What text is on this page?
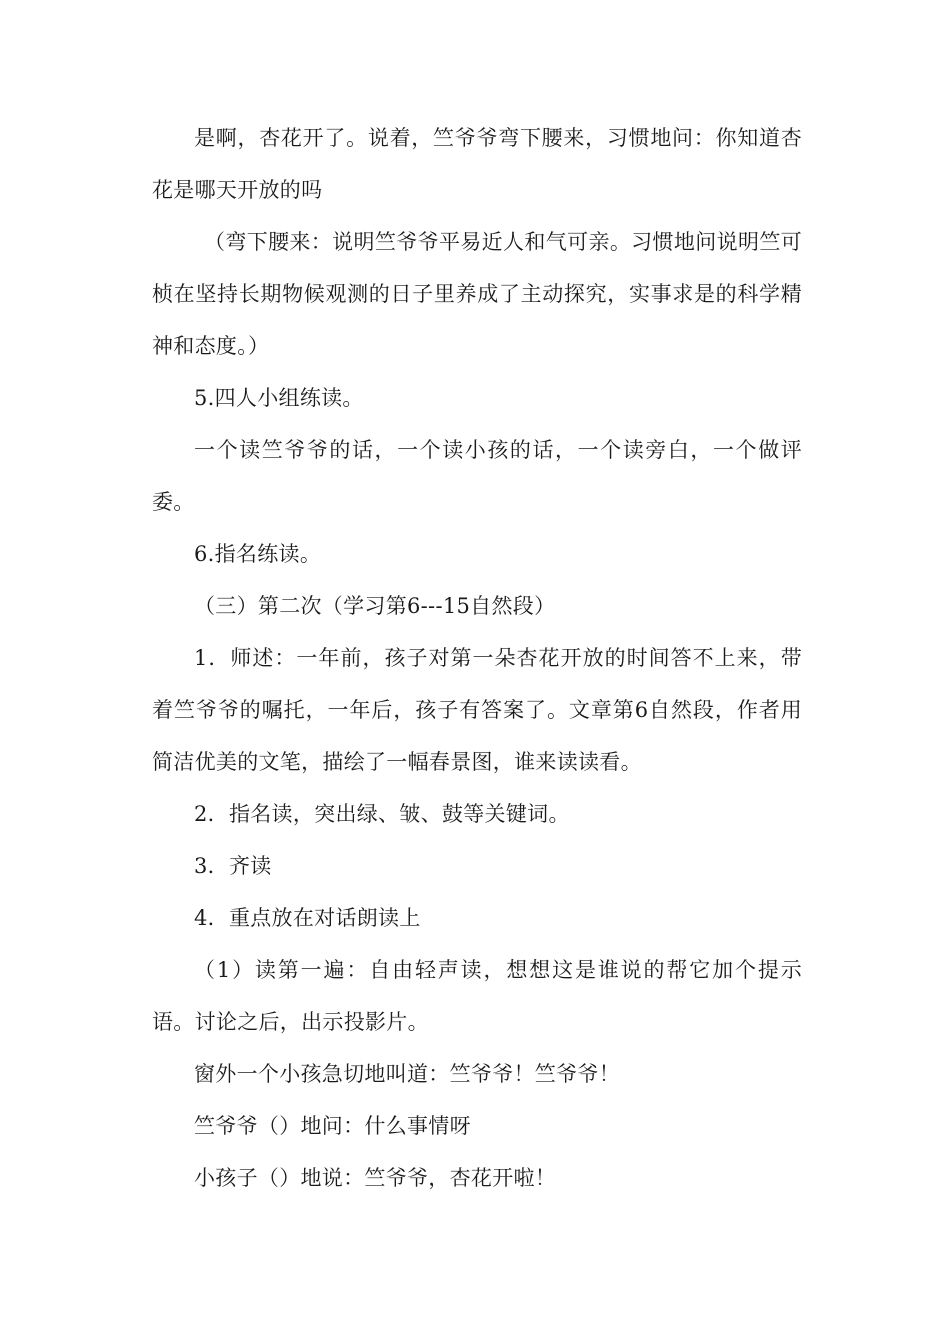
是啊，杏花开了。说着，竺爷爷弯下腰来，习惯地问：你知道杏花是哪天开放的吗

（弯下腰来：说明竺爷爷平易近人和气可亲。习惯地问说明竺可桢在坚持长期物候观测的日子里养成了主动探究，实事求是的科学精神和态度。）

5.四人小组练读。

一个读竺爷爷的话，一个读小孩的话，一个读旁白，一个做评委。

6.指名练读。

（三）第二次（学习第6---15自然段）

1．师述：一年前，孩子对第一朵杏花开放的时间答不上来，带着竺爷爷的嘱托，一年后，孩子有答案了。文章第6自然段，作者用简洁优美的文笔，描绘了一幅春景图，谁来读读看。

2．指名读，突出绿、皱、鼓等关键词。

3．齐读

4．重点放在对话朗读上

（1）读第一遍：自由轻声读，想想这是谁说的帮它加个提示语。讨论之后，出示投影片。

窗外一个小孩急切地叫道：竺爷爷！竺爷爷！

竺爷爷（）地问：什么事情呀

小孩子（）地说：竺爷爷，杏花开啦！
